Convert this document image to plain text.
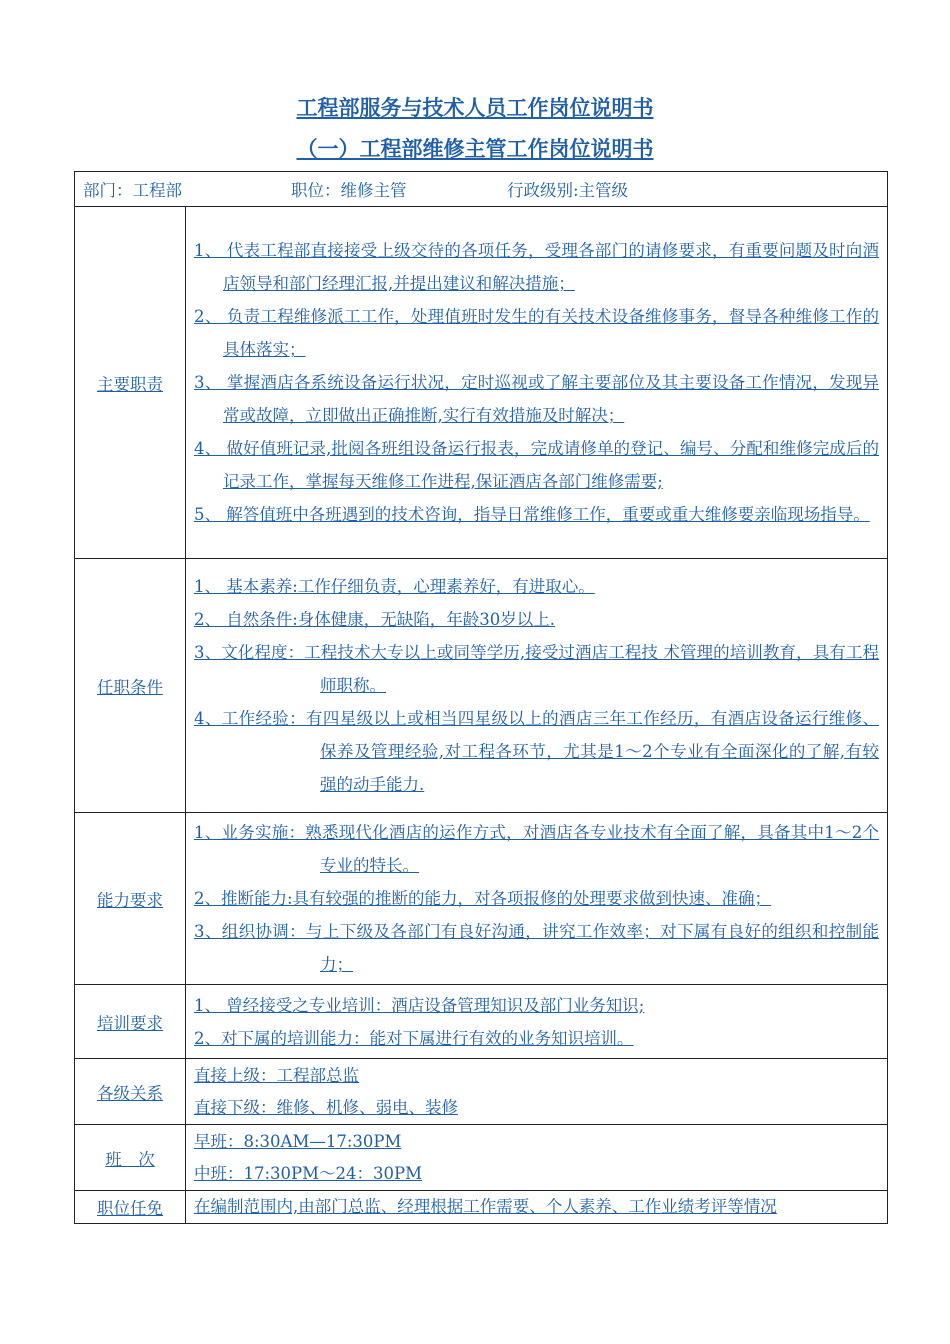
工程部服务与技术人员工作岗位说明书
（一）工程部维修主管工作岗位说明书
部门：工程部 职位：维修主管 行政级别:主管级	
主要职责	1、 代表工程部直接接受上级交待的各项任务，受理各部门的请修要求，有重要问题及时向酒店领导和部门经理汇报,并提出建议和解决措施；
2、 负责工程维修派工工作，处理值班时发生的有关技术设备维修事务，督导各种维修工作的具体落实；
3、 掌握酒店各系统设备运行状况，定时巡视或了解主要部位及其主要设备工作情况，发现异常或故障，立即做出正确推断,实行有效措施及时解决；
4、 做好值班记录,批阅各班组设备运行报表，完成请修单的登记、编号、分配和维修完成后的记录工作，掌握每天维修工作进程,保证酒店各部门维修需要;
5、 解答值班中各班遇到的技术咨询，指导日常维修工作，重要或重大维修要亲临现场指导。

任职条件	1、 基本素养:工作仔细负责，心理素养好，有进取心。
2、 自然条件:身体健康，无缺陷，年龄30岁以上.
3、文化程度：工程技术大专以上或同等学历,接受过酒店工程技 术管理的培训教育，具有工程师职称。
4、工作经验：有四星级以上或相当四星级以上的酒店三年工作经历，有酒店设备运行维修、保养及管理经验,对工程各环节，尤其是1～2个专业有全面深化的了解,有较强的动手能力.

能力要求	1、业务实施：熟悉现代化酒店的运作方式，对酒店各专业技术有全面了解，具备其中1～2个专业的特长。
2、推断能力:具有较强的推断的能力，对各项报修的处理要求做到快速、准确；
3、组织协调：与上下级及各部门有良好沟通，讲究工作效率；对下属有良好的组织和控制能力；

培训要求	1、 曾经接受之专业培训：酒店设备管理知识及部门业务知识;
2、对下属的培训能力：能对下属进行有效的业务知识培训。

各级关系	直接上级：工程部总监
直接下级：维修、机修、弱电、装修

班　次	早班：8:30AM—17:30PM
中班：17:30PM～24：30PM

职位任免	在编制范围内,由部门总监、经理根据工作需要、个人素养、工作业绩考评等情况
